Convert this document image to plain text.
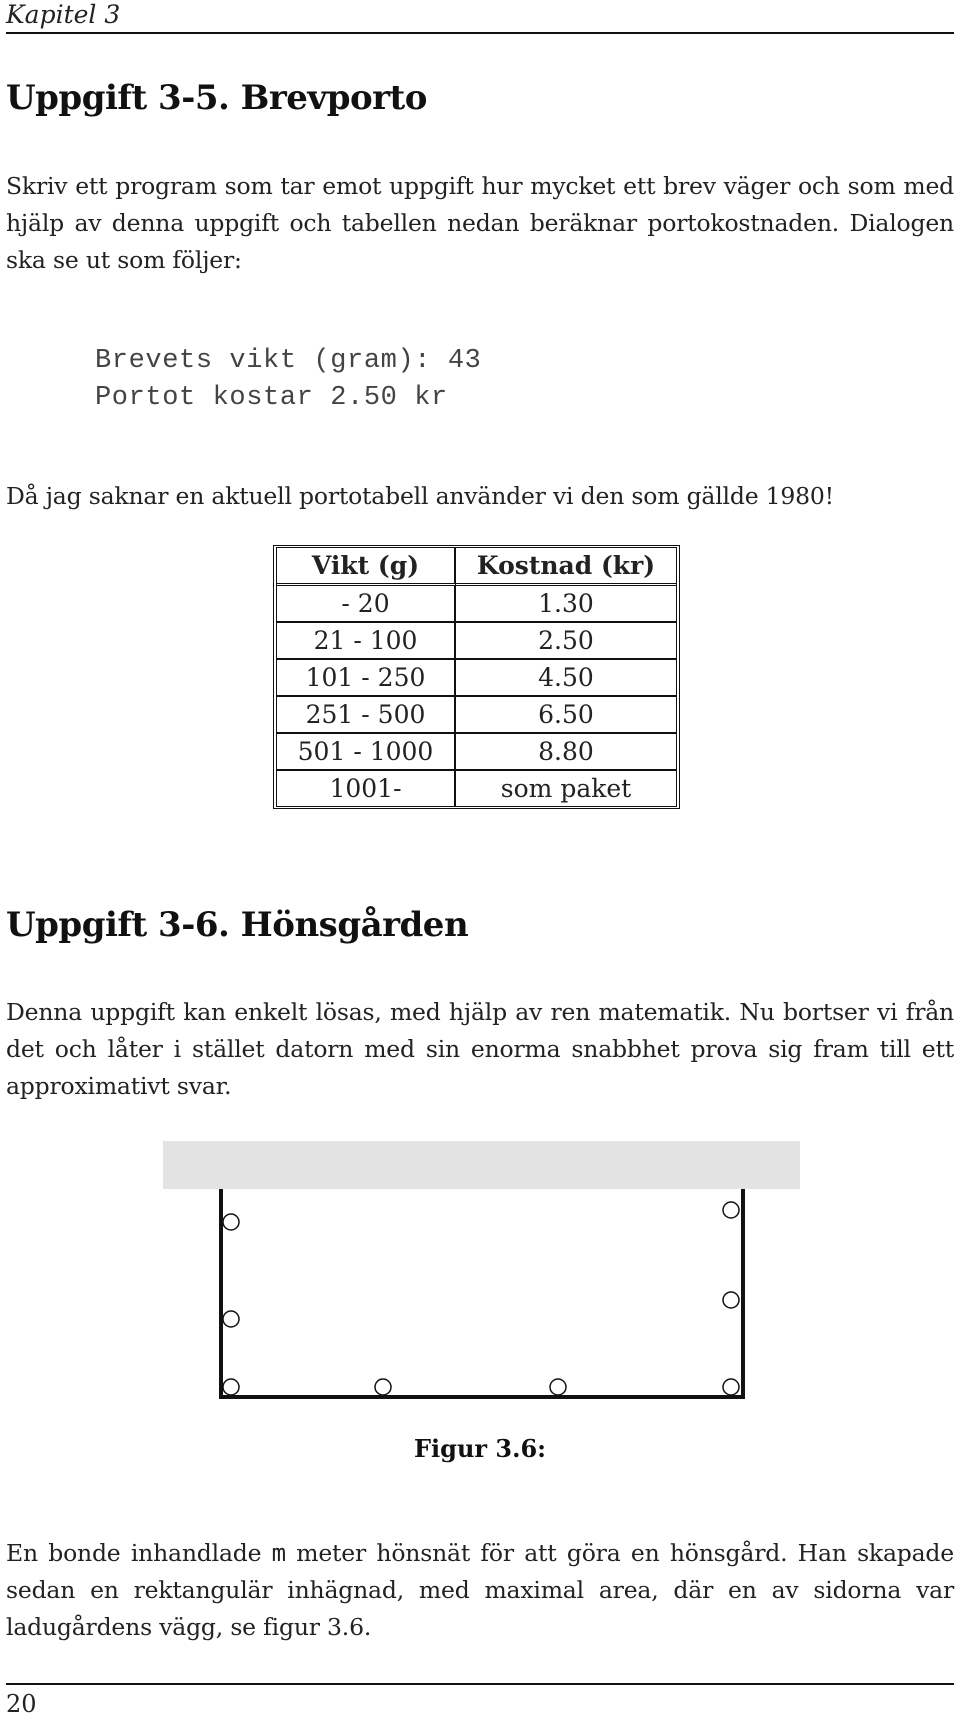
Kapitel 3
Uppgift 3-5. Brevporto

Skriv ett program som tar emot uppgift hur mycket ett brev väger och som med hjälp av denna uppgift och tabellen nedan beräknar portokostnaden. Dialogen ska se ut som följer:

Brevets vikt (gram): 43
Portot kostar 2.50 kr

Då jag saknar en aktuell portotabell använder vi den som gällde 1980!

Vikt (g)	Kostnad (kr)
- 20	1.30
21 - 100	2.50
101 - 250	4.50
251 - 500	6.50
501 - 1000	8.80
1001-	som paket
Uppgift 3-6. Hönsgården

Denna uppgift kan enkelt lösas, med hjälp av ren matematik. Nu bortser vi från det och låter i stället datorn med sin enorma snabbhet prova sig fram till ett approximativt svar.

Figur 3.6:

En bonde inhandlade m meter hönsnät för att göra en hönsgård. Han skapade sedan en rektangulär inhägnad, med maximal area, där en av sidorna var ladugårdens vägg, se figur 3.6.

20
